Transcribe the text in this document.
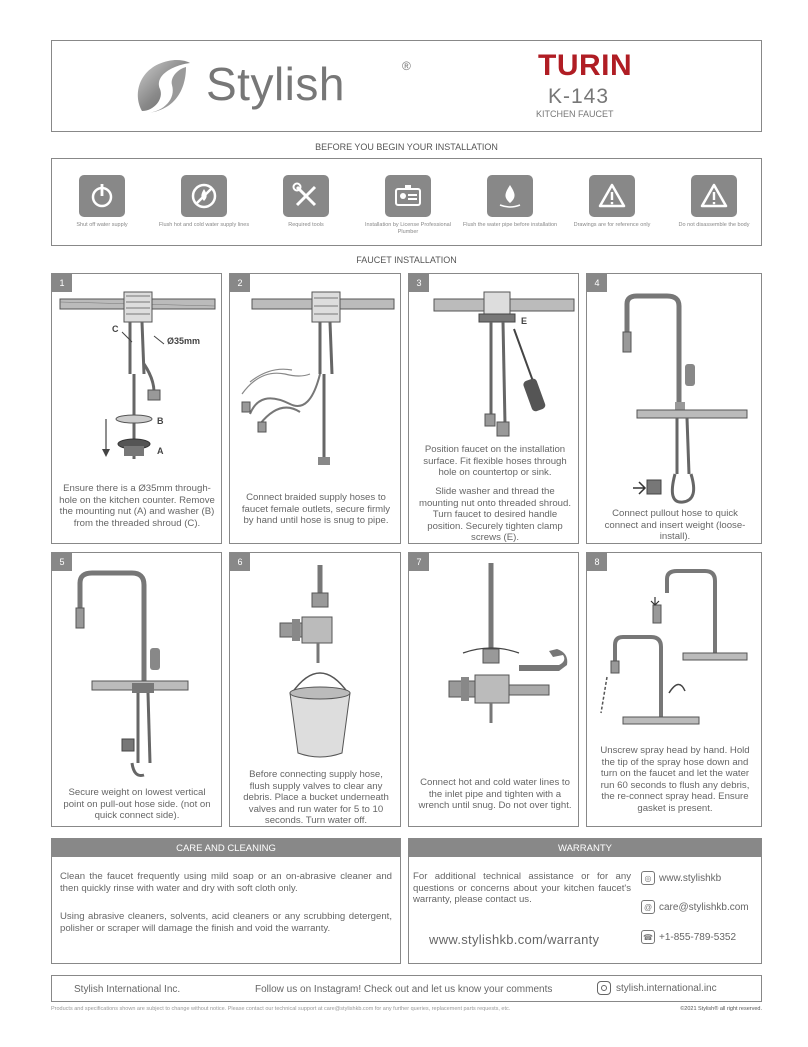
Stylish	®	TURIN
K-143
KITCHEN FAUCET
BEFORE YOU BEGIN YOUR INSTALLATION
Shut off water supply	Flush hot and cold water supply lines	Required tools	Installation by License Professional Plumber
Flush the water pipe before installation	Drawings are for reference only	Do not disassemble the body
FAUCET INSTALLATION
1
C
Ø35mm
B
A
Ensure there is a Ø35mm through-hole on the kitchen counter. Remove the mounting nut (A) and washer (B) from the threaded shroud (C).
2
Connect braided supply hoses to faucet female outlets, secure firmly by hand until hose is snug to pipe.
3
E
Position faucet on the installation surface. Fit flexible hoses through hole on countertop or sink.
Slide washer and thread the mounting nut onto threaded shroud. Turn faucet to desired handle position. Securely tighten clamp screws (E).
4
Connect pullout hose to quick connect and insert weight (loose-install).
5
Secure weight on lowest vertical point on pull-out hose side. (not on quick connect side).
6
Before connecting supply hose, flush supply valves to clear any debris. Place a bucket underneath valves and run water for 5 to 10 seconds. Turn water off.
7
Connect hot and cold water lines to the inlet pipe and tighten with a wrench until snug. Do not over tight.
8
Unscrew spray head by hand. Hold the tip of the spray hose down and turn on the faucet and let the water run 60 seconds to flush any debris, the re-connect spray head. Ensure gasket is present.
CARE AND CLEANING
Clean the faucet frequently using mild soap or an on-abrasive cleaner and then quickly rinse with water and dry with soft cloth only.
Using abrasive cleaners, solvents, acid cleaners or any scrubbing detergent, polisher or scraper will damage the finish and void the warranty.
WARRANTY
For additional technical assistance or for any questions or concerns about your kitchen faucet's warranty, please contact us.
www.stylishkb.com/warranty
◎ www.stylishkb
@ care@stylishkb.com
☎ +1-855-789-5352
Stylish International Inc.	Follow us on Instagram! Check out and let us know your comments	stylish.international.inc
Products and specifications shown are subject to change without notice. Please contact our technical support at care@stylishkb.com for any further queries, replacement parts requests, etc.	©2021 Stylish® all right reserved.
